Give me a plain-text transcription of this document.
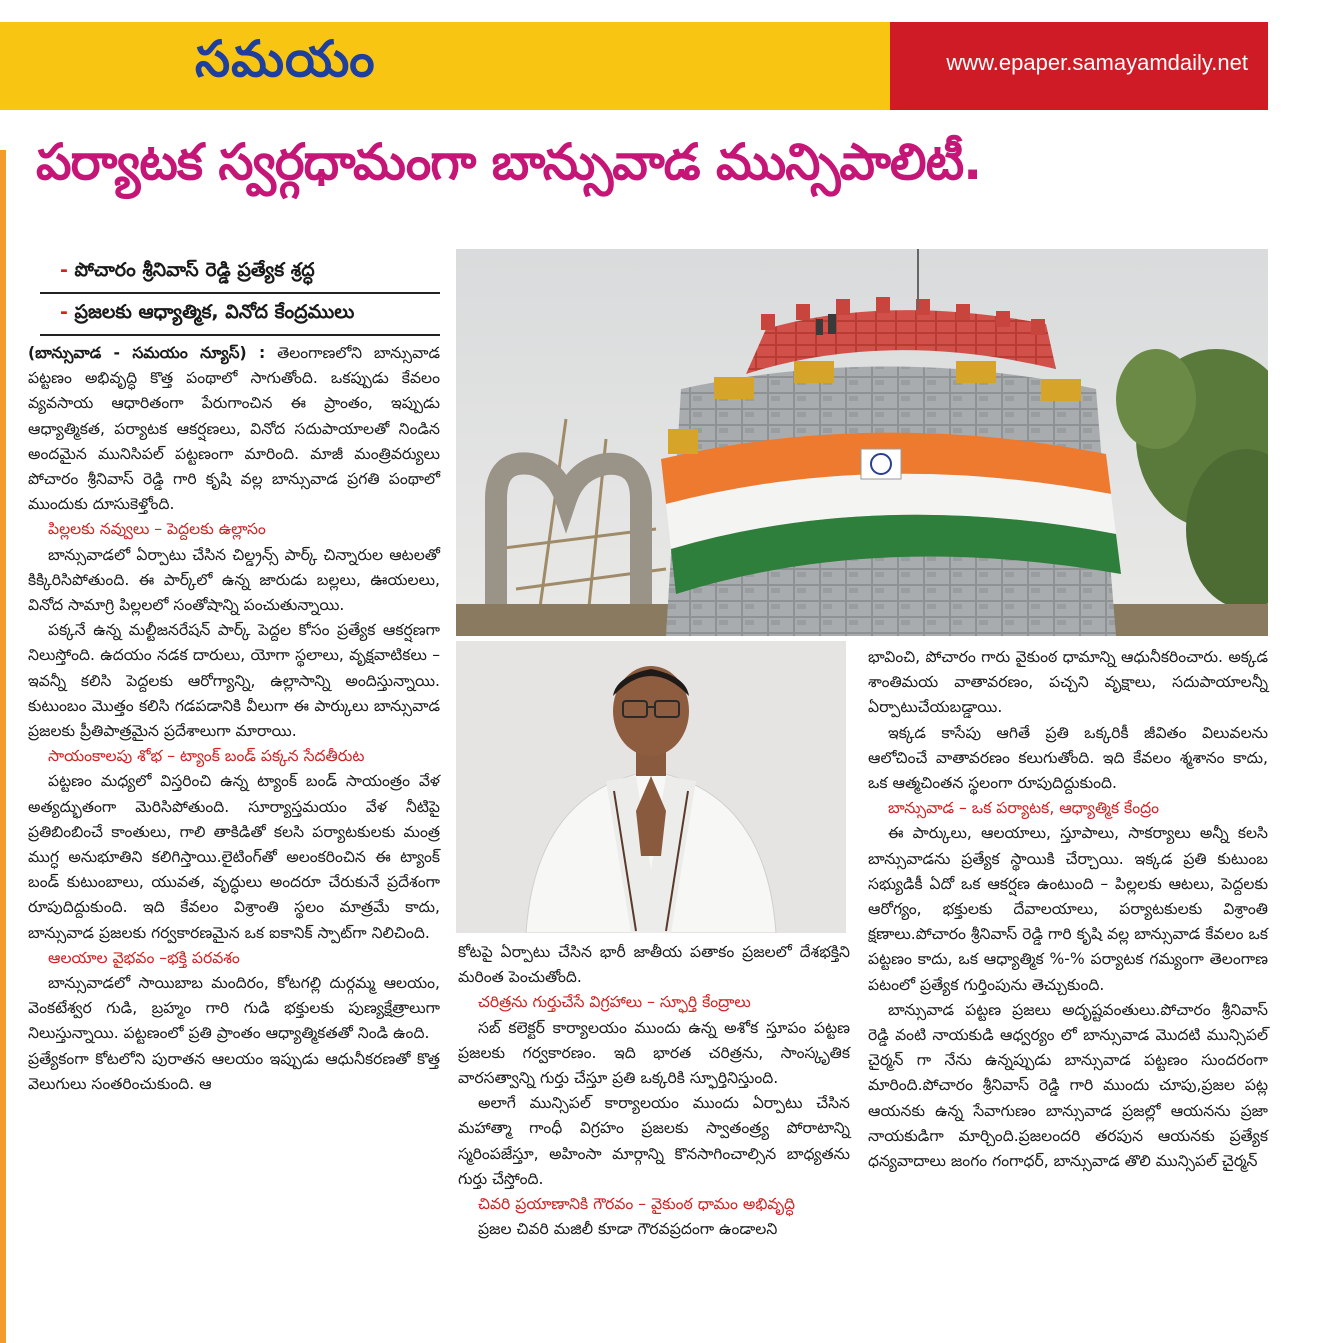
సమయం	www.epaper.samayamdaily.net
పర్యాటక స్వర్గధామంగా బాన్సువాడ మున్సిపాలిటీ.
- పోచారం శ్రీనివాస్ రెడ్డి ప్రత్యేక శ్రద్ధ
- ప్రజలకు ఆధ్యాత్మిక, వినోద కేంద్రములు

(బాన్సువాడ - సమయం న్యూస్) : తెలంగాణలోని బాన్సువాడ పట్టణం అభివృద్ధి కొత్త పంథాలో సాగుతోంది. ఒకప్పుడు కేవలం వ్యవసాయ ఆధారితంగా పేరుగాంచిన ఈ ప్రాంతం, ఇప్పుడు ఆధ్యాత్మికత, పర్యాటక ఆకర్షణలు, వినోద సదుపాయాలతో నిండిన అందమైన మునిసిపల్ పట్టణంగా మారింది. మాజీ మంత్రివర్యులు పోచారం శ్రీనివాస్ రెడ్డి గారి కృషి వల్ల బాన్సువాడ ప్రగతి పంథాలో ముందుకు దూసుకెళ్తోంది.

పిల్లలకు నవ్వులు – పెద్దలకు ఉల్లాసం

బాన్సువాడలో ఏర్పాటు చేసిన చిల్డ్రన్స్ పార్క్ చిన్నారుల ఆటలతో కిక్కిరిసిపోతుంది. ఈ పార్క్‌లో ఉన్న జారుడు బల్లలు, ఊయలలు, వినోద సామాగ్రి పిల్లలలో సంతోషాన్ని పంచుతున్నాయి.

పక్కనే ఉన్న మల్టీజనరేషన్ పార్క్ పెద్దల కోసం ప్రత్యేక ఆకర్షణగా నిలుస్తోంది. ఉదయం నడక దారులు, యోగా స్థలాలు, వృక్షవాటికలు – ఇవన్నీ కలిసి పెద్దలకు ఆరోగ్యాన్ని, ఉల్లాసాన్ని అందిస్తున్నాయి. కుటుంబం మొత్తం కలిసి గడపడానికి వీలుగా ఈ పార్కులు బాన్సువాడ ప్రజలకు ప్రీతిపాత్రమైన ప్రదేశాలుగా మారాయి.

సాయంకాలపు శోభ – ట్యాంక్ బండ్ పక్కన సేదతీరుట

పట్టణం మధ్యలో విస్తరించి ఉన్న ట్యాంక్ బండ్ సాయంత్రం వేళ అత్యద్భుతంగా మెరిసిపోతుంది. సూర్యాస్తమయం వేళ నీటిపై ప్రతిబింబించే కాంతులు, గాలి తాకిడితో కలసి పర్యాటకులకు మంత్ర ముగ్ధ అనుభూతిని కలిగిస్తాయి.లైటింగ్‌తో అలంకరించిన ఈ ట్యాంక్ బండ్ కుటుంబాలు, యువత, వృద్ధులు అందరూ చేరుకునే ప్రదేశంగా రూపుదిద్దుకుంది. ఇది కేవలం విశ్రాంతి స్థలం మాత్రమే కాదు, బాన్సువాడ ప్రజలకు గర్వకారణమైన ఒక ఐకానిక్ స్పాట్‌గా నిలిచింది.

ఆలయాల వైభవం –భక్తి పరవశం

బాన్సువాడలో సాయిబాబ మందిరం, కోటగల్లి దుర్గమ్మ ఆలయం, వెంకటేశ్వర గుడి, బ్రహ్మం గారి గుడి భక్తులకు పుణ్యక్షేత్రాలుగా నిలుస్తున్నాయి. పట్టణంలో ప్రతి ప్రాంతం ఆధ్యాత్మికతతో నిండి ఉంది.

ప్రత్యేకంగా కోటలోని పురాతన ఆలయం ఇప్పుడు ఆధునీకరణతో కొత్త వెలుగులు సంతరించుకుంది. ఆ

కోటపై ఏర్పాటు చేసిన భారీ జాతీయ పతాకం ప్రజలలో దేశభక్తిని మరింత పెంచుతోంది.

చరిత్రను గుర్తుచేసే విగ్రహాలు – స్ఫూర్తి కేంద్రాలు

సబ్ కలెక్టర్ కార్యాలయం ముందు ఉన్న అశోక స్తూపం పట్టణ ప్రజలకు గర్వకారణం. ఇది భారత చరిత్రను, సాంస్కృతిక వారసత్వాన్ని గుర్తు చేస్తూ ప్రతి ఒక్కరికి స్ఫూర్తినిస్తుంది.

అలాగే మున్సిపల్ కార్యాలయం ముందు ఏర్పాటు చేసిన మహాత్మా గాంధీ విగ్రహం ప్రజలకు స్వాతంత్ర్య పోరాటాన్ని స్మరింపజేస్తూ, అహింసా మార్గాన్ని కొనసాగించాల్సిన బాధ్యతను గుర్తు చేస్తోంది.

చివరి ప్రయాణానికి గౌరవం – వైకుంఠ ధామం అభివృద్ధి

ప్రజల చివరి మజిలీ కూడా గౌరవప్రదంగా ఉండాలని

భావించి, పోచారం గారు వైకుంఠ ధామాన్ని ఆధునీకరించారు. అక్కడ శాంతిమయ వాతావరణం, పచ్చని వృక్షాలు, సదుపాయాలన్నీ ఏర్పాటుచేయబడ్డాయి.

ఇక్కడ కాసేపు ఆగితే ప్రతి ఒక్కరికీ జీవితం విలువలను ఆలోచించే వాతావరణం కలుగుతోంది. ఇది కేవలం శ్మశానం కాదు, ఒక ఆత్మచింతన స్థలంగా రూపుదిద్దుకుంది.

బాన్సువాడ – ఒక పర్యాటక, ఆధ్యాత్మిక కేంద్రం

ఈ పార్కులు, ఆలయాలు, స్తూపాలు, సాకర్యాలు అన్నీ కలసి బాన్సువాడను ప్రత్యేక స్థాయికి చేర్చాయి. ఇక్కడ ప్రతి కుటుంబ సభ్యుడికీ ఏదో ఒక ఆకర్షణ ఉంటుంది – పిల్లలకు ఆటలు, పెద్దలకు ఆరోగ్యం, భక్తులకు దేవాలయాలు, పర్యాటకులకు విశ్రాంతి క్షణాలు.పోచారం శ్రీనివాస్ రెడ్డి గారి కృషి వల్ల బాన్సువాడ కేవలం ఒక పట్టణం కాదు, ఒక ఆధ్యాత్మిక %-% పర్యాటక గమ్యంగా తెలంగాణ పటంలో ప్రత్యేక గుర్తింపును తెచ్చుకుంది.

బాన్సువాడ పట్టణ ప్రజలు అదృష్టవంతులు.పోచారం శ్రీనివాస్ రెడ్డి వంటి నాయకుడి ఆధ్వర్యం లో బాన్సువాడ మొదటి మున్సిపల్ చైర్మన్ గా నేను ఉన్నప్పుడు బాన్సువాడ పట్టణం సుందరంగా మారింది.పోచారం శ్రీనివాస్ రెడ్డి గారి ముందు చూపు,ప్రజల పట్ల ఆయనకు ఉన్న సేవాగుణం బాన్సువాడ ప్రజల్లో ఆయనను ప్రజా నాయకుడిగా మార్చింది.ప్రజలందరి తరపున ఆయనకు ప్రత్యేక ధన్యవాదాలు జంగం గంగాధర్, బాన్సువాడ తొలి మున్సిపల్ చైర్మన్
